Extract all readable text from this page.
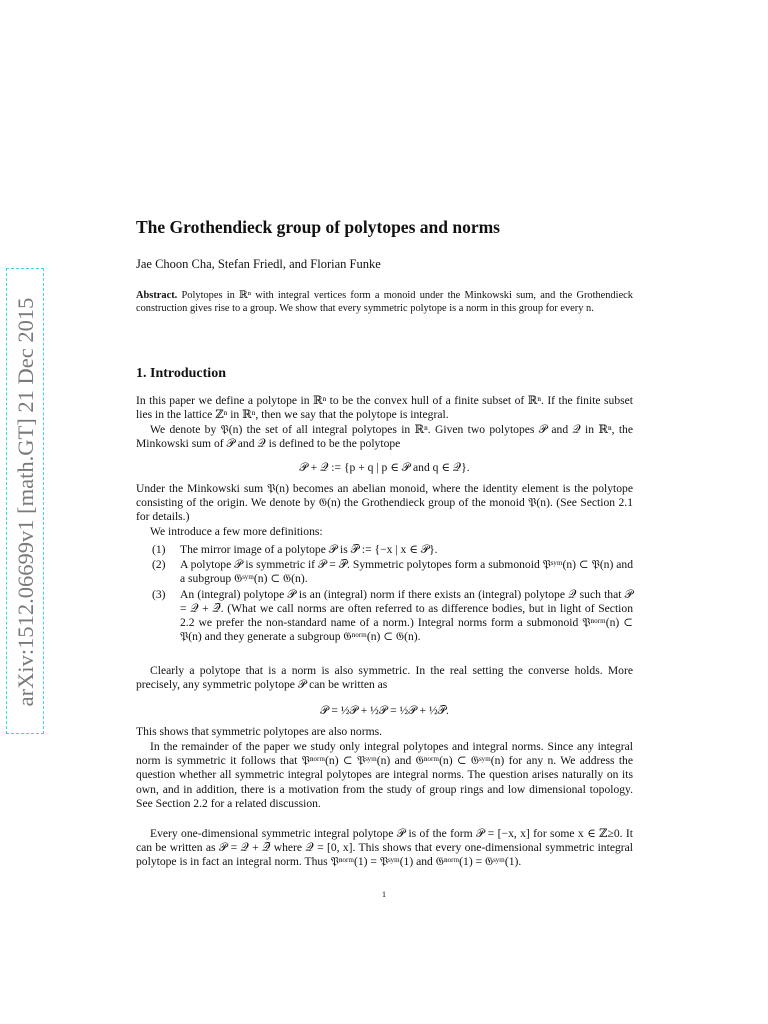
arXiv:1512.06699v1 [math.GT] 21 Dec 2015
The Grothendieck group of polytopes and norms
Jae Choon Cha, Stefan Friedl, and Florian Funke
Abstract. Polytopes in ℝⁿ with integral vertices form a monoid under the Minkowski sum, and the Grothendieck construction gives rise to a group. We show that every symmetric polytope is a norm in this group for every n.
1. Introduction
In this paper we define a polytope in ℝⁿ to be the convex hull of a finite subset of ℝⁿ. If the finite subset lies in the lattice ℤⁿ in ℝⁿ, then we say that the polytope is integral.
We denote by 𝔓(n) the set of all integral polytopes in ℝⁿ. Given two polytopes 𝒫 and 𝒬 in ℝⁿ, the Minkowski sum of 𝒫 and 𝒬 is defined to be the polytope
𝒫 + 𝒬 := {p + q | p ∈ 𝒫 and q ∈ 𝒬}.
Under the Minkowski sum 𝔓(n) becomes an abelian monoid, where the identity element is the polytope consisting of the origin. We denote by 𝔊(n) the Grothendieck group of the monoid 𝔓(n). (See Section 2.1 for details.)
We introduce a few more definitions:
(1) The mirror image of a polytope 𝒫 is 𝒫̅ := {−x | x ∈ 𝒫}.
(2) A polytope 𝒫 is symmetric if 𝒫 = 𝒫̅. Symmetric polytopes form a submonoid 𝔓ˢʸᵐ(n) ⊂ 𝔓(n) and a subgroup 𝔊ˢʸᵐ(n) ⊂ 𝔊(n).
(3) An (integral) polytope 𝒫 is an (integral) norm if there exists an (integral) polytope 𝒬 such that 𝒫 = 𝒬 + 𝒬̅. (What we call norms are often referred to as difference bodies, but in light of Section 2.2 we prefer the non-standard name of a norm.) Integral norms form a submonoid 𝔓ⁿᵒʳᵐ(n) ⊂ 𝔓(n) and they generate a subgroup 𝔊ⁿᵒʳᵐ(n) ⊂ 𝔊(n).
Clearly a polytope that is a norm is also symmetric. In the real setting the converse holds. More precisely, any symmetric polytope 𝒫 can be written as
𝒫 = ½𝒫 + ½𝒫 = ½𝒫 + ½𝒫̅.
This shows that symmetric polytopes are also norms.
In the remainder of the paper we study only integral polytopes and integral norms. Since any integral norm is symmetric it follows that 𝔓ⁿᵒʳᵐ(n) ⊂ 𝔓ˢʸᵐ(n) and 𝔊ⁿᵒʳᵐ(n) ⊂ 𝔊ˢʸᵐ(n) for any n. We address the question whether all symmetric integral polytopes are integral norms. The question arises naturally on its own, and in addition, there is a motivation from the study of group rings and low dimensional topology. See Section 2.2 for a related discussion.
Every one-dimensional symmetric integral polytope 𝒫 is of the form 𝒫 = [−x, x] for some x ∈ ℤ≥0. It can be written as 𝒫 = 𝒬 + 𝒬̅ where 𝒬 = [0, x]. This shows that every one-dimensional symmetric integral polytope is in fact an integral norm. Thus 𝔓ⁿᵒʳᵐ(1) = 𝔓ˢʸᵐ(1) and 𝔊ⁿᵒʳᵐ(1) = 𝔊ˢʸᵐ(1).
1
